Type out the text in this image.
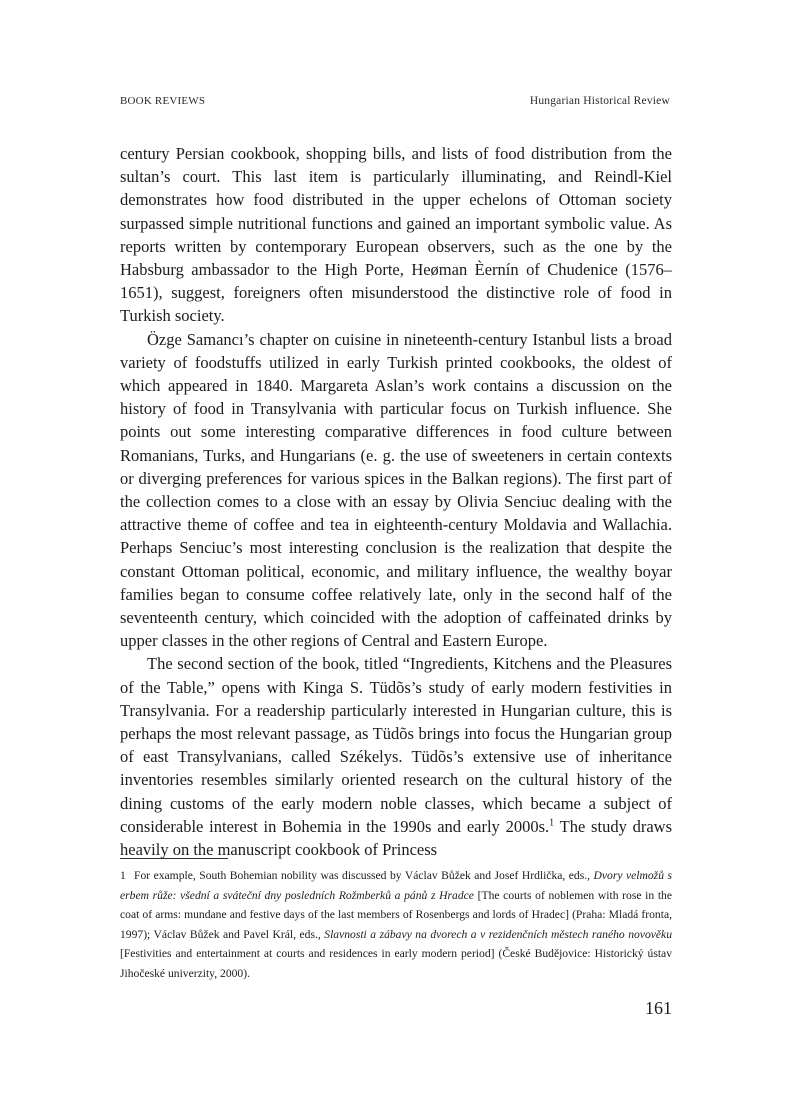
BOOK REVIEWS	Hungarian Historical Review

century Persian cookbook, shopping bills, and lists of food distribution from the sultan’s court. This last item is particularly illuminating, and Reindl-Kiel demonstrates how food distributed in the upper echelons of Ottoman society surpassed simple nutritional functions and gained an important symbolic value. As reports written by contemporary European observers, such as the one by the Habsburg ambassador to the High Porte, Heøman Èernín of Chudenice (1576–1651), suggest, foreigners often misunderstood the distinctive role of food in Turkish society.

Özge Samancı’s chapter on cuisine in nineteenth-century Istanbul lists a broad variety of foodstuffs utilized in early Turkish printed cookbooks, the oldest of which appeared in 1840. Margareta Aslan’s work contains a discussion on the history of food in Transylvania with particular focus on Turkish influence. She points out some interesting comparative differences in food culture between Romanians, Turks, and Hungarians (e. g. the use of sweeteners in certain contexts or diverging preferences for various spices in the Balkan regions). The first part of the collection comes to a close with an essay by Olivia Senciuc dealing with the attractive theme of coffee and tea in eighteenth-century Moldavia and Wallachia. Perhaps Senciuc’s most interesting conclusion is the realization that despite the constant Ottoman political, economic, and military influence, the wealthy boyar families began to consume coffee relatively late, only in the second half of the seventeenth century, which coincided with the adoption of caffeinated drinks by upper classes in the other regions of Central and Eastern Europe.

The second section of the book, titled “Ingredients, Kitchens and the Pleasures of the Table,” opens with Kinga S. Tüdõs’s study of early modern festivities in Transylvania. For a readership particularly interested in Hungarian culture, this is perhaps the most relevant passage, as Tüdõs brings into focus the Hungarian group of east Transylvanians, called Székelys. Tüdõs’s extensive use of inheritance inventories resembles similarly oriented research on the cultural history of the dining customs of the early modern noble classes, which became a subject of considerable interest in Bohemia in the 1990s and early 2000s.$^1$ The study draws heavily on the manuscript cookbook of Princess

1 For example, South Bohemian nobility was discussed by Václav Bůžek and Josef Hrdlička, eds., Dvory velmožů s erbem růže: všední a sváteční dny posledních Rožmberků a pánů z Hradce [The courts of noblemen with rose in the coat of arms: mundane and festive days of the last members of Rosenbergs and lords of Hradec] (Praha: Mladá fronta, 1997); Václav Bůžek and Pavel Král, eds., Slavnosti a zábavy na dvorech a v rezidenčních městech raného novověku [Festivities and entertainment at courts and residences in early modern period] (České Budějovice: Historický ústav Jihočeské univerzity, 2000).

161
